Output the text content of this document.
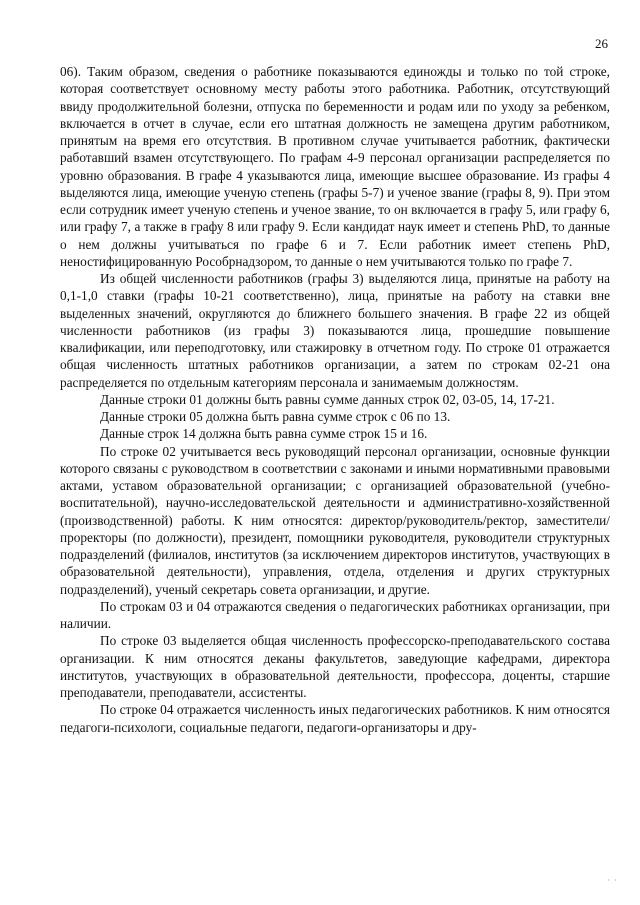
26

06). Таким образом, сведения о работнике показываются единожды и только по той строке, которая соответствует основному месту работы этого работника. Работник, отсутствующий ввиду продолжительной болезни, отпуска по беременности и родам или по уходу за ребенком, включается в отчет в случае, если его штатная должность не замещена другим работником, принятым на время его отсутствия. В противном случае учитывается работник, фактически работавший взамен отсутствующего. По графам 4-9 персонал организации распределяется по уровню образования. В графе 4 указываются лица, имеющие высшее образование. Из графы 4 выделяются лица, имеющие ученую степень (графы 5-7) и ученое звание (графы 8, 9). При этом если сотрудник имеет ученую степень и ученое звание, то он включается в графу 5, или графу 6, или графу 7, а также в графу 8 или графу 9. Если кандидат наук имеет и степень PhD, то данные о нем должны учитываться по графе 6 и 7. Если работник имеет степень PhD, неностифицированную Рособрнадзором, то данные о нем учитываются только по графе 7.

Из общей численности работников (графы 3) выделяются лица, принятые на работу на 0,1-1,0 ставки (графы 10-21 соответственно), лица, принятые на работу на ставки вне выделенных значений, округляются до ближнего большего значения. В графе 22 из общей численности работников (из графы 3) показываются лица, прошедшие повышение квалификации, или переподготовку, или стажировку в отчетном году. По строке 01 отражается общая численность штатных работников организации, а затем по строкам 02-21 она распределяется по отдельным категориям персонала и занимаемым должностям.

Данные строки 01 должны быть равны сумме данных строк 02, 03-05, 14, 17-21.

Данные строки 05 должна быть равна сумме строк с 06 по 13.

Данные строк 14 должна быть равна сумме строк 15 и 16.

По строке 02 учитывается весь руководящий персонал организации, основные функции которого связаны с руководством в соответствии с законами и иными нормативными правовыми актами, уставом образовательной организации; с организацией образовательной (учебно-воспитательной), научно-исследовательской деятельности и административно-хозяйственной (производственной) работы. К ним относятся: директор/руководитель/ректор, заместители/проректоры (по должности), президент, помощники руководителя, руководители структурных подразделений (филиалов, институтов (за исключением директоров институтов, участвующих в образовательной деятельности), управления, отдела, отделения и других структурных подразделений), ученый секретарь совета организации, и другие.

По строкам 03 и 04 отражаются сведения о педагогических работниках организации, при наличии.

По строке 03 выделяется общая численность профессорско-преподавательского состава организации. К ним относятся деканы факультетов, заведующие кафедрами, директора институтов, участвующих в образовательной деятельности, профессора, доценты, старшие преподаватели, преподаватели, ассистенты.

По строке 04 отражается численность иных педагогических работников. К ним относятся педагоги-психологи, социальные педагоги, педагоги-организаторы и дру-

· ·
